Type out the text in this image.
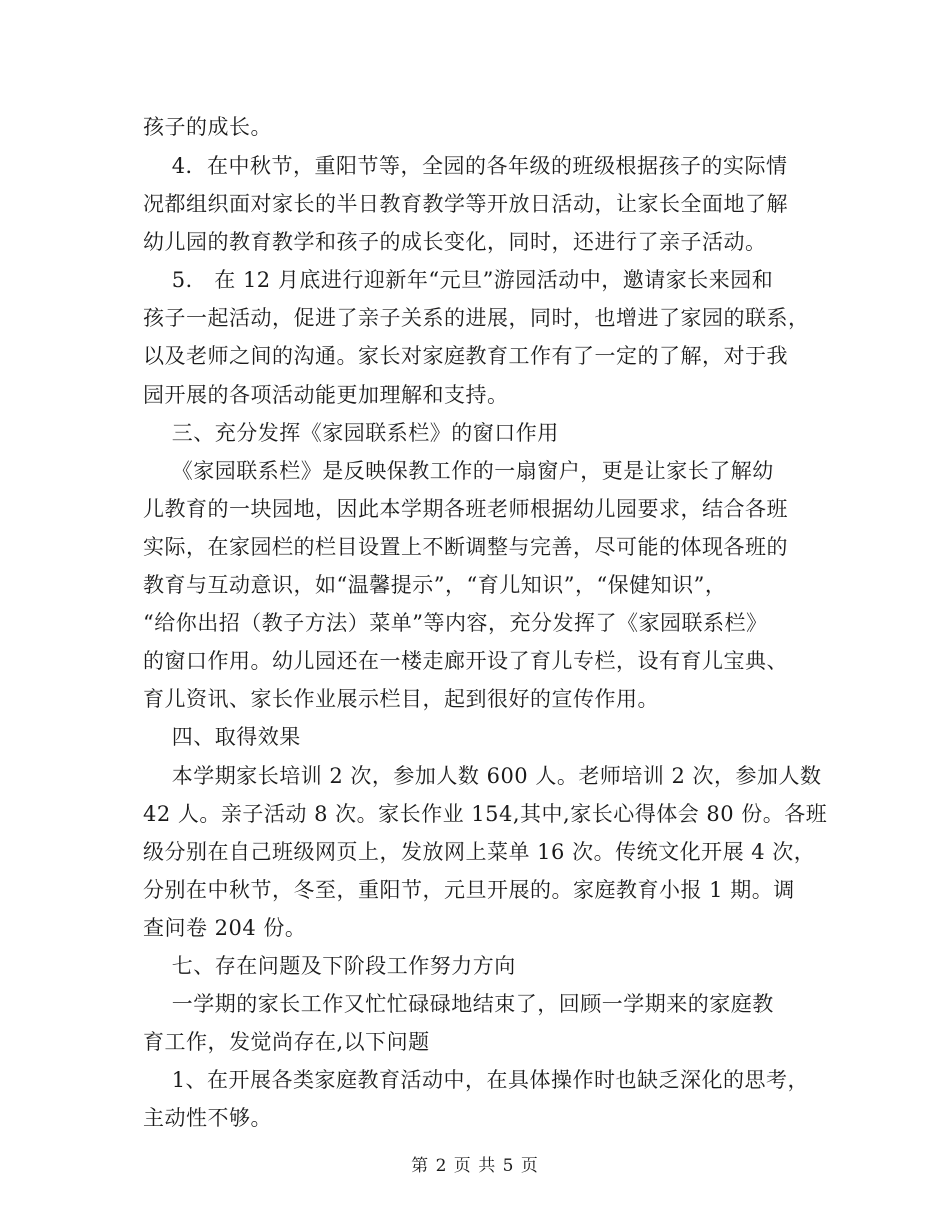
孩子的成长。
4．在中秋节，重阳节等，全园的各年级的班级根据孩子的实际情
况都组织面对家长的半日教育教学等开放日活动，让家长全面地了解
幼儿园的教育教学和孩子的成长变化，同时，还进行了亲子活动。
5.   在 12 月底进行迎新年“元旦”游园活动中，邀请家长来园和
孩子一起活动，促进了亲子关系的进展，同时，也增进了家园的联系，
以及老师之间的沟通。家长对家庭教育工作有了一定的了解，对于我
园开展的各项活动能更加理解和支持。
三、充分发挥《家园联系栏》的窗口作用
《家园联系栏》是反映保教工作的一扇窗户，更是让家长了解幼
儿教育的一块园地，因此本学期各班老师根据幼儿园要求，结合各班
实际，在家园栏的栏目设置上不断调整与完善，尽可能的体现各班的
教育与互动意识，如“温馨提示”，“育儿知识”，“保健知识”，
“给你出招（教子方法）菜单”等内容，充分发挥了《家园联系栏》
的窗口作用。幼儿园还在一楼走廊开设了育儿专栏，设有育儿宝典、
育儿资讯、家长作业展示栏目，起到很好的宣传作用。
四、取得效果
本学期家长培训 2 次，参加人数 600 人。老师培训 2 次，参加人数
42 人。亲子活动 8 次。家长作业 154,其中,家长心得体会 80 份。各班
级分别在自己班级网页上，发放网上菜单 16 次。传统文化开展 4 次，
分别在中秋节，冬至，重阳节，元旦开展的。家庭教育小报 1 期。调
查问卷 204 份。
七、存在问题及下阶段工作努力方向
一学期的家长工作又忙忙碌碌地结束了，回顾一学期来的家庭教
育工作，发觉尚存在,以下问题
1、在开展各类家庭教育活动中，在具体操作时也缺乏深化的思考，
主动性不够。
第 2 页 共 5 页
